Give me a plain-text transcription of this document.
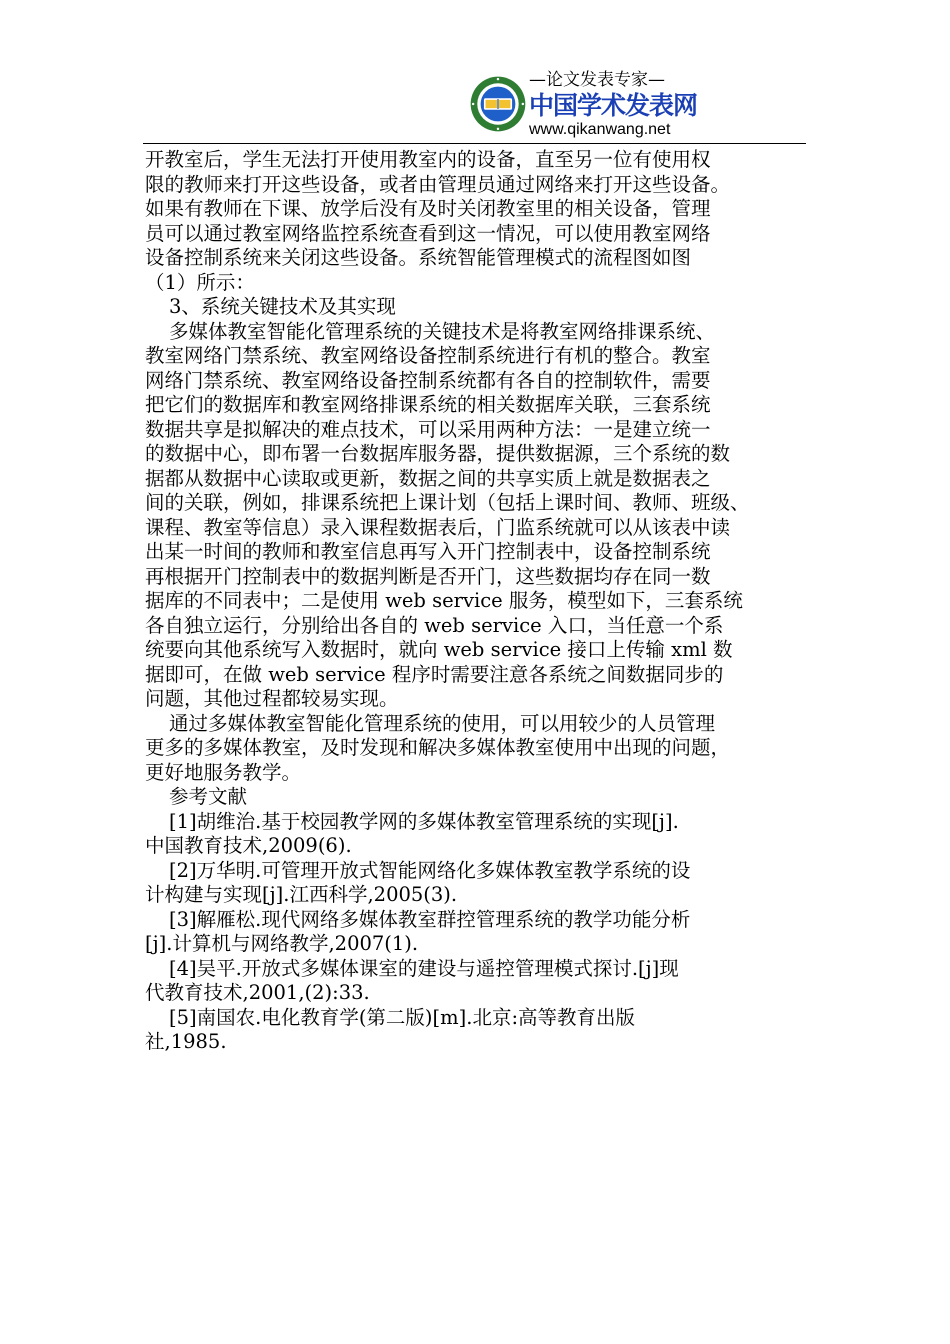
—论文发表专家—
中国学术发表网
www.qikanwang.net
开教室后，学生无法打开使用教室内的设备，直至另一位有使用权
限的教师来打开这些设备，或者由管理员通过网络来打开这些设备。
如果有教师在下课、放学后没有及时关闭教室里的相关设备，管理
员可以通过教室网络监控系统查看到这一情况，可以使用教室网络
设备控制系统来关闭这些设备。系统智能管理模式的流程图如图
（1）所示：
3、系统关键技术及其实现
多媒体教室智能化管理系统的关键技术是将教室网络排课系统、
教室网络门禁系统、教室网络设备控制系统进行有机的整合。教室
网络门禁系统、教室网络设备控制系统都有各自的控制软件，需要
把它们的数据库和教室网络排课系统的相关数据库关联，三套系统
数据共享是拟解决的难点技术，可以采用两种方法：一是建立统一
的数据中心，即布署一台数据库服务器，提供数据源，三个系统的数
据都从数据中心读取或更新，数据之间的共享实质上就是数据表之
间的关联，例如，排课系统把上课计划（包括上课时间、教师、班级、
课程、教室等信息）录入课程数据表后，门监系统就可以从该表中读
出某一时间的教师和教室信息再写入开门控制表中，设备控制系统
再根据开门控制表中的数据判断是否开门，这些数据均存在同一数
据库的不同表中；二是使用 web service 服务，模型如下，三套系统
各自独立运行，分别给出各自的 web service 入口，当任意一个系
统要向其他系统写入数据时，就向 web service 接口上传输 xml 数
据即可，在做 web service 程序时需要注意各系统之间数据同步的
问题，其他过程都较易实现。
通过多媒体教室智能化管理系统的使用，可以用较少的人员管理
更多的多媒体教室，及时发现和解决多媒体教室使用中出现的问题，
更好地服务教学。
参考文献
[1]胡维治.基于校园教学网的多媒体教室管理系统的实现[j].
中国教育技术,2009(6).
[2]万华明.可管理开放式智能网络化多媒体教室教学系统的设
计构建与实现[j].江西科学,2005(3).
[3]解雁松.现代网络多媒体教室群控管理系统的教学功能分析
[j].计算机与网络教学,2007(1).
[4]吴平.开放式多媒体课室的建设与遥控管理模式探讨.[j]现
代教育技术,2001,(2):33.
[5]南国农.电化教育学(第二版)[m].北京:高等教育出版
社,1985.
